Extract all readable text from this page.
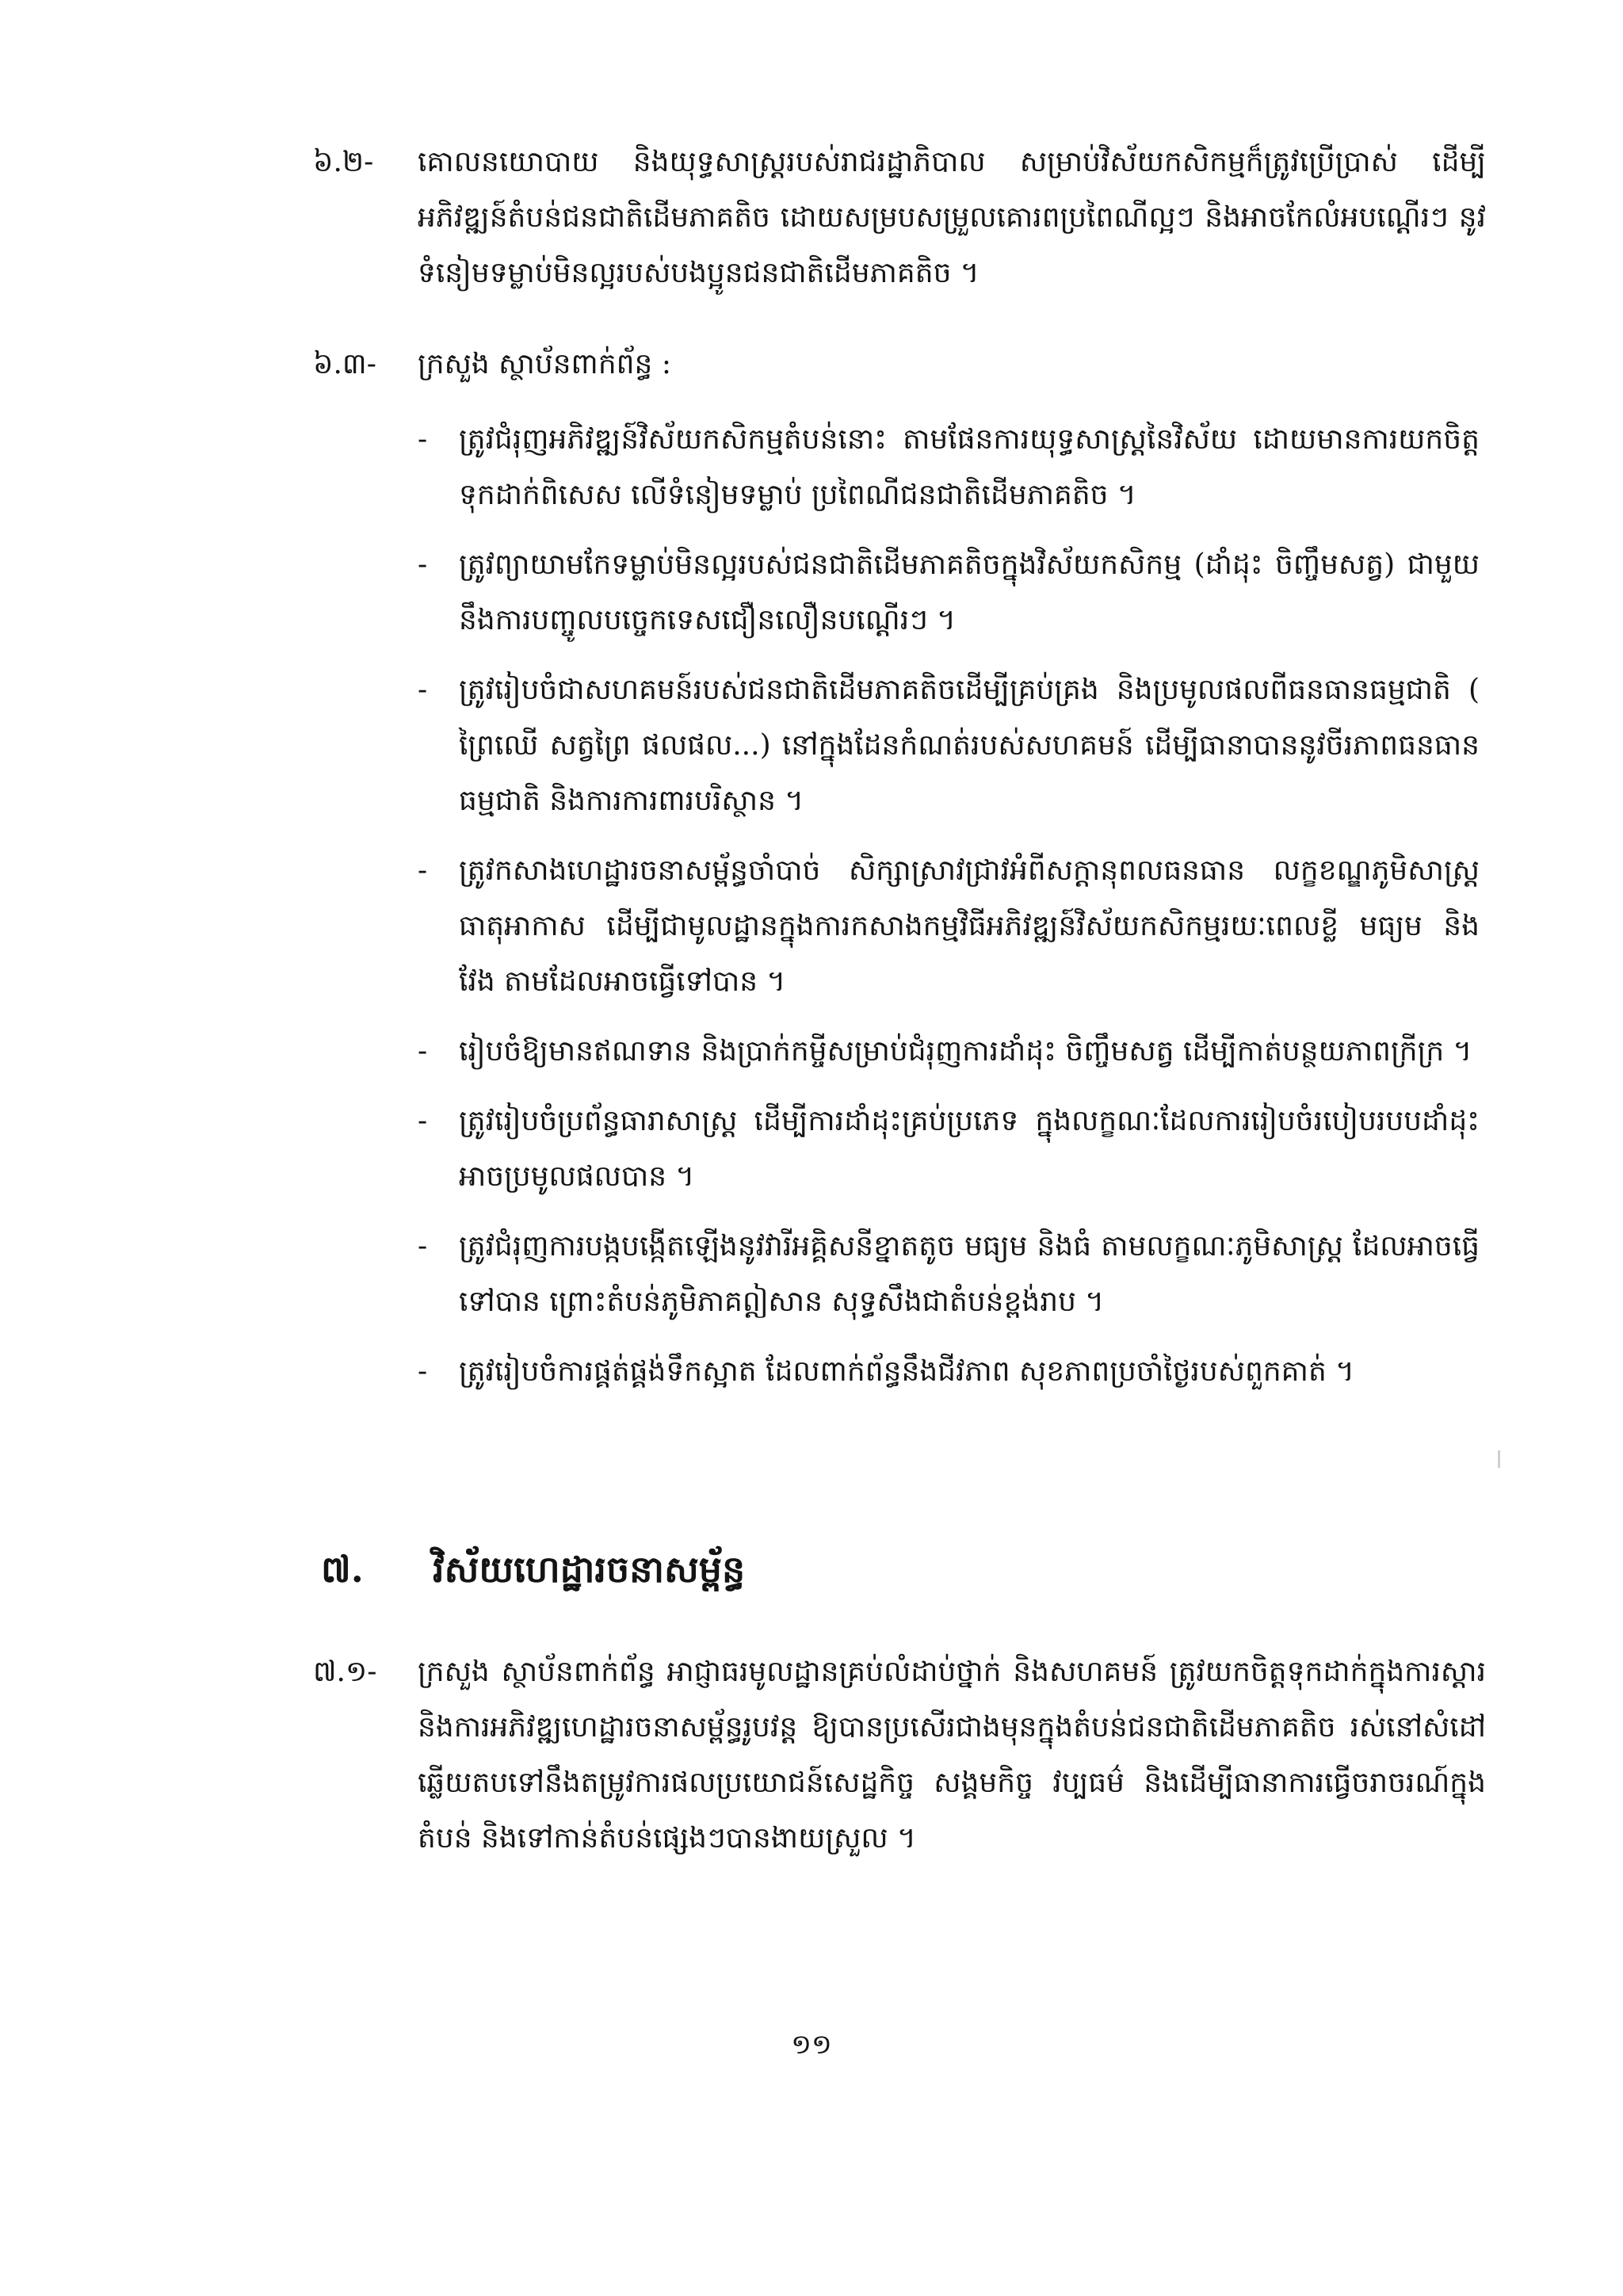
៦.២-	គោលនយោបាយ និងយុទ្ធសាស្ត្ររបស់រាជរដ្ឋាភិបាល សម្រាប់វិស័យកសិកម្មក៏ត្រូវប្រើប្រាស់ ដើម្បីអភិវឌ្ឍន៍តំបន់ជនជាតិដើមភាគតិច ដោយសម្របសម្រួលគោរពប្រពៃណីល្អៗ និងអាចកែលំអបណ្ដើរៗ នូវទំនៀមទម្លាប់មិនល្អរបស់បងប្អូនជនជាតិដើមភាគតិច ។
៦.៣-	ក្រសួង ស្ថាប័នពាក់ព័ន្ធ :
- ត្រូវជំរុញអភិវឌ្ឍន៍វិស័យកសិកម្មតំបន់នោះ តាមផែនការយុទ្ធសាស្ត្រនៃវិស័យ ដោយមានការយកចិត្តទុកដាក់ពិសេស លើទំនៀមទម្លាប់ ប្រពៃណីជនជាតិដើមភាគតិច ។
- ត្រូវព្យាយាមកែទម្លាប់មិនល្អរបស់ជនជាតិដើមភាគតិចក្នុងវិស័យកសិកម្ម (ដាំដុះ ចិញ្ចឹមសត្វ) ជាមួយ នឹងការបញ្ចូលបច្ចេកទេសជឿនលឿនបណ្ដើរៗ ។
- ត្រូវរៀបចំជាសហគមន៍របស់ជនជាតិដើមភាគតិចដើម្បីគ្រប់គ្រង និងប្រមូលផលពីធនធានធម្មជាតិ ( ព្រៃឈើ សត្វព្រៃ ផលផល...) នៅក្នុងដែនកំណត់របស់សហគមន៍ ដើម្បីធានាបាននូវចីរភាពធនធានធម្មជាតិ និងការការពារបរិស្ថាន ។
- ត្រូវកសាងហេដ្ឋារចនាសម្ព័ន្ធចាំបាច់ សិក្សាស្រាវជ្រាវអំពីសក្ដានុពលធនធាន លក្ខខណ្ឌភូមិសាស្ត្រ ធាតុអាកាស ដើម្បីជាមូលដ្ឋានក្នុងការកសាងកម្មវិធីអភិវឌ្ឍន៍វិស័យកសិកម្មរយៈពេលខ្លី មធ្យម និងវែង តាមដែលអាចធ្វើទៅបាន ។
- រៀបចំឱ្យមានឥណទាន និងប្រាក់កម្ចីសម្រាប់ជំរុញការដាំដុះ ចិញ្ចឹមសត្វ ដើម្បីកាត់បន្ថយភាពក្រីក្រ ។
- ត្រូវរៀបចំប្រព័ន្ធធារាសាស្ត្រ ដើម្បីការដាំដុះគ្រប់ប្រភេទ ក្នុងលក្ខណៈដែលការរៀបចំរបៀបរបបដាំដុះអាចប្រមូលផលបាន ។
- ត្រូវជំរុញការបង្កបង្កើតឡើងនូវវារីអគ្គិសនីខ្នាតតូច មធ្យម និងធំ តាមលក្ខណៈភូមិសាស្ត្រ ដែលអាចធ្វើទៅបាន ព្រោះតំបន់ភូមិភាគឦសាន សុទ្ធសឹងជាតំបន់ខ្ពង់រាប ។
- ត្រូវរៀបចំការផ្គត់ផ្គង់ទឹកស្អាត ដែលពាក់ព័ន្ធនឹងជីវភាព សុខភាពប្រចាំថ្ងៃរបស់ពួកគាត់ ។
៧. វិស័យហេដ្ឋារចនាសម្ព័ន្ធ
៧.១-	ក្រសួង ស្ថាប័នពាក់ព័ន្ធ អាជ្ញាធរមូលដ្ឋានគ្រប់លំដាប់ថ្នាក់ និងសហគមន៍ ត្រូវយកចិត្តទុកដាក់ក្នុងការស្ដារ និងការអភិវឌ្ឍហេដ្ឋារចនាសម្ព័ន្ធរូបវន្ត ឱ្យបានប្រសើរជាងមុនក្នុងតំបន់ជនជាតិដើមភាគតិច រស់នៅសំដៅឆ្លើយតបទៅនឹងតម្រូវការផលប្រយោជន៍សេដ្ឋកិច្ច សង្គមកិច្ច វប្បធម៌ និងដើម្បីធានាការធ្វើចរាចរណ៍ក្នុងតំបន់ និងទៅកាន់តំបន់ផ្សេងៗបានងាយស្រួល ។
១១
